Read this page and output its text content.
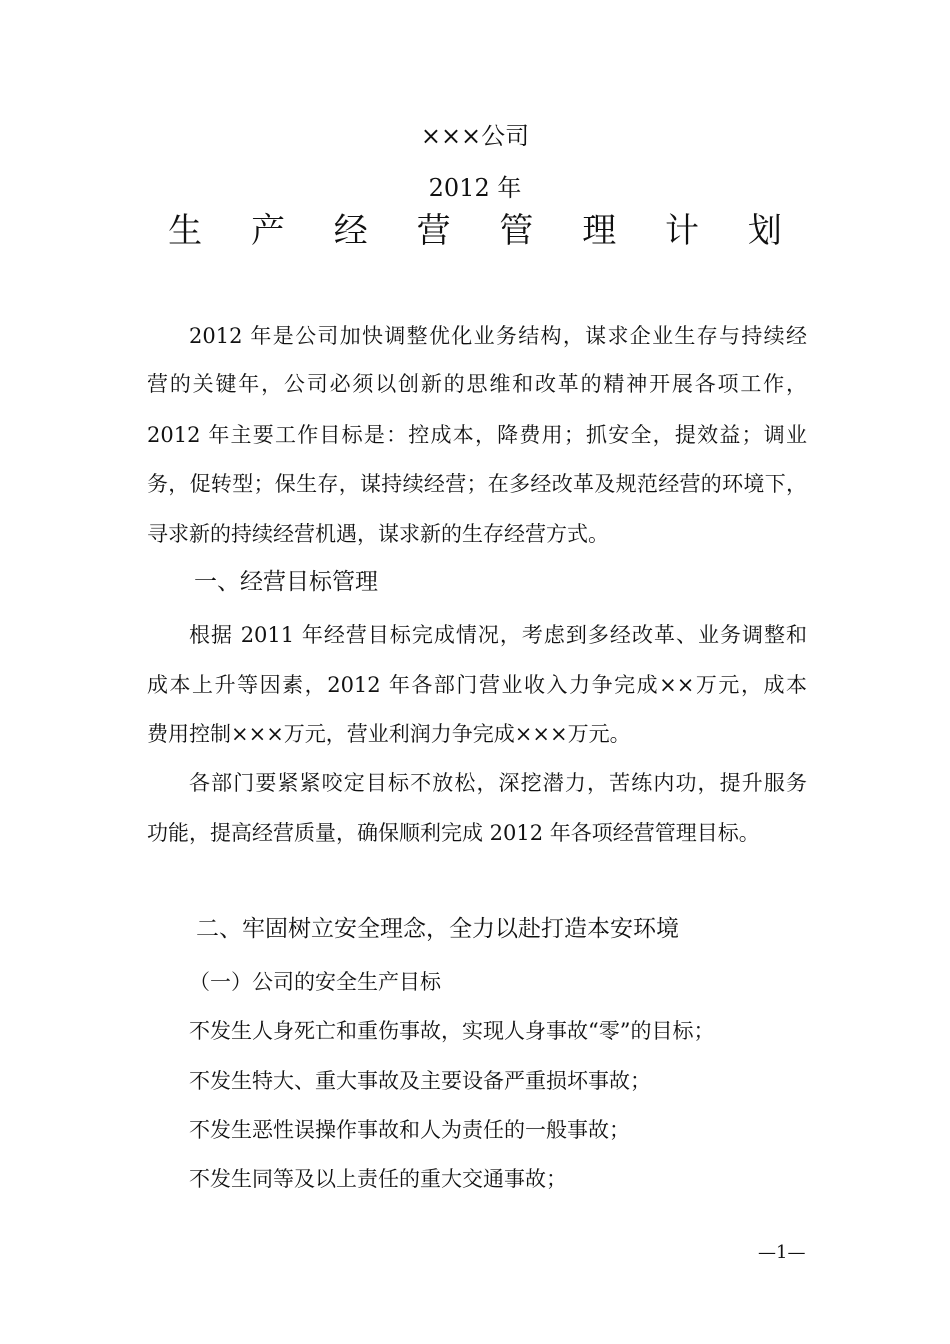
×××公司
2012 年
生 产 经 营 管 理 计 划
2012 年是公司加快调整优化业务结构，谋求企业生存与持续经
营的关键年，公司必须以创新的思维和改革的精神开展各项工作，
2012 年主要工作目标是：控成本，降费用；抓安全，提效益；调业
务，促转型；保生存，谋持续经营；在多经改革及规范经营的环境下，
寻求新的持续经营机遇，谋求新的生存经营方式。
一、经营目标管理
根据 2011 年经营目标完成情况，考虑到多经改革、业务调整和
成本上升等因素，2012 年各部门营业收入力争完成××万元，成本
费用控制×××万元，营业利润力争完成×××万元。
各部门要紧紧咬定目标不放松，深挖潜力，苦练内功，提升服务
功能，提高经营质量，确保顺利完成 2012 年各项经营管理目标。
二、牢固树立安全理念，全力以赴打造本安环境
（一）公司的安全生产目标
不发生人身死亡和重伤事故，实现人身事故“零”的目标；
不发生特大、重大事故及主要设备严重损坏事故；
不发生恶性误操作事故和人为责任的一般事故；
不发生同等及以上责任的重大交通事故；
—1—
